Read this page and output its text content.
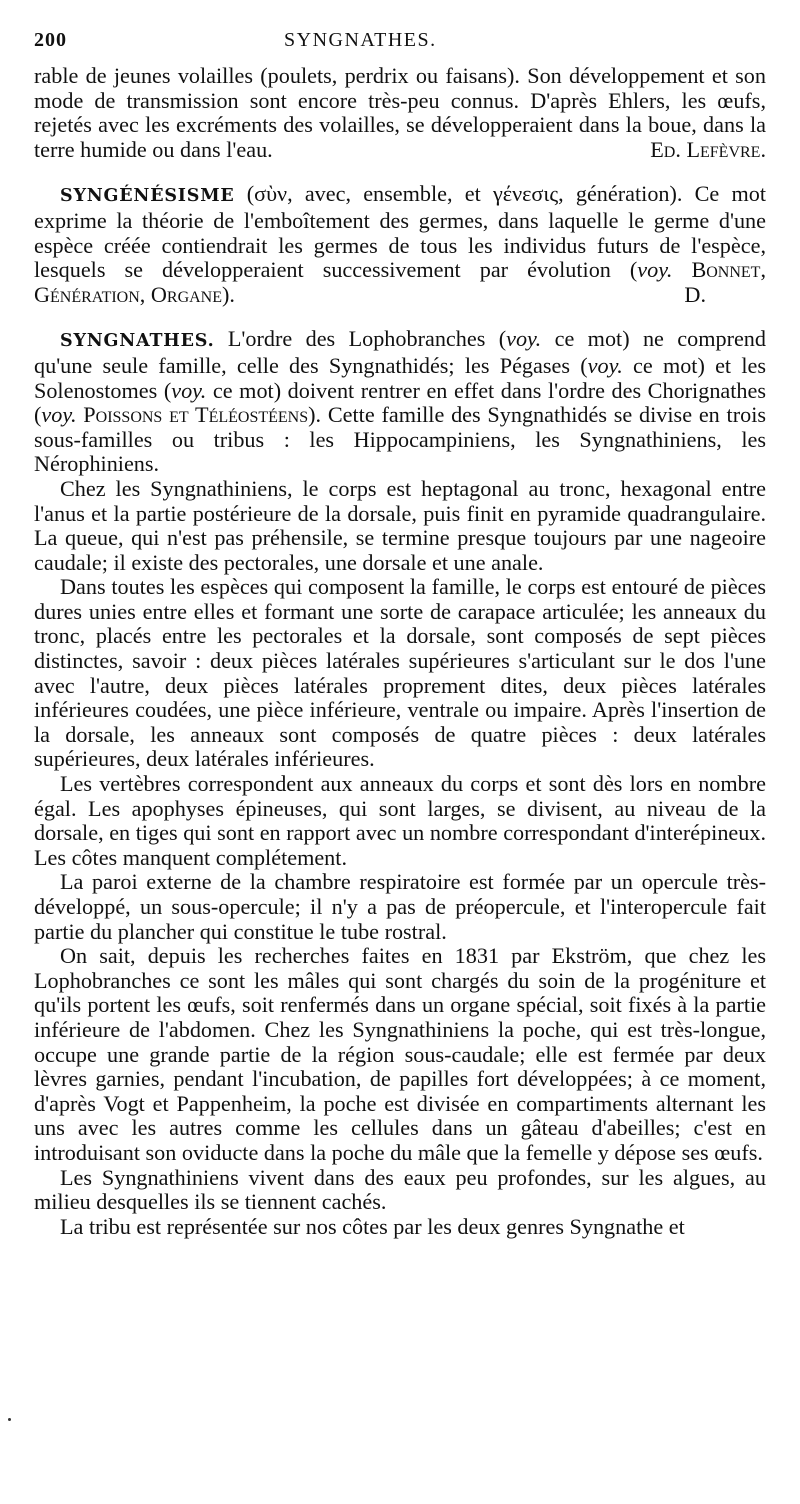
200	SYNGNATHES.

rable de jeunes volailles (poulets, perdrix ou faisans). Son développement et son mode de transmission sont encore très-peu connus. D'après Ehlers, les œufs, rejetés avec les excréments des volailles, se développeraient dans la boue, dans la terre humide ou dans l'eau.	Ed. Lefèvre.

SYNGÉNÉSISME (σὺν, avec, ensemble, et γένεσις, génération). Ce mot exprime la théorie de l'emboîtement des germes, dans laquelle le germe d'une espèce créée contiendrait les germes de tous les individus futurs de l'espèce, lesquels se développeraient successivement par évolution (voy. Bonnet, Génération, Organe).	D.

SYNGNATHES. L'ordre des Lophobranches (voy. ce mot) ne comprend qu'une seule famille, celle des Syngnathidés; les Pégases (voy. ce mot) et les Solenostomes (voy. ce mot) doivent rentrer en effet dans l'ordre des Chorignathes (voy. Poissons et Téléostéens). Cette famille des Syngnathidés se divise en trois sous-familles ou tribus : les Hippocampiniens, les Syngnathiniens, les Nérophiniens.

Chez les Syngnathiniens, le corps est heptagonal au tronc, hexagonal entre l'anus et la partie postérieure de la dorsale, puis finit en pyramide quadrangulaire. La queue, qui n'est pas préhensile, se termine presque toujours par une nageoire caudale; il existe des pectorales, une dorsale et une anale.

Dans toutes les espèces qui composent la famille, le corps est entouré de pièces dures unies entre elles et formant une sorte de carapace articulée; les anneaux du tronc, placés entre les pectorales et la dorsale, sont composés de sept pièces distinctes, savoir : deux pièces latérales supérieures s'articulant sur le dos l'une avec l'autre, deux pièces latérales proprement dites, deux pièces latérales inférieures coudées, une pièce inférieure, ventrale ou impaire. Après l'insertion de la dorsale, les anneaux sont composés de quatre pièces : deux latérales supérieures, deux latérales inférieures.

Les vertèbres correspondent aux anneaux du corps et sont dès lors en nombre égal. Les apophyses épineuses, qui sont larges, se divisent, au niveau de la dorsale, en tiges qui sont en rapport avec un nombre correspondant d'interépineux. Les côtes manquent complétement.

La paroi externe de la chambre respiratoire est formée par un opercule très-développé, un sous-opercule; il n'y a pas de préopercule, et l'interopercule fait partie du plancher qui constitue le tube rostral.

On sait, depuis les recherches faites en 1831 par Ekström, que chez les Lophobranches ce sont les mâles qui sont chargés du soin de la progéniture et qu'ils portent les œufs, soit renfermés dans un organe spécial, soit fixés à la partie inférieure de l'abdomen. Chez les Syngnathiniens la poche, qui est très-longue, occupe une grande partie de la région sous-caudale; elle est fermée par deux lèvres garnies, pendant l'incubation, de papilles fort développées; à ce moment, d'après Vogt et Pappenheim, la poche est divisée en compartiments alternant les uns avec les autres comme les cellules dans un gâteau d'abeilles; c'est en introduisant son oviducte dans la poche du mâle que la femelle y dépose ses œufs.

Les Syngnathiniens vivent dans des eaux peu profondes, sur les algues, au milieu desquelles ils se tiennent cachés.

La tribu est représentée sur nos côtes par les deux genres Syngnathe et
